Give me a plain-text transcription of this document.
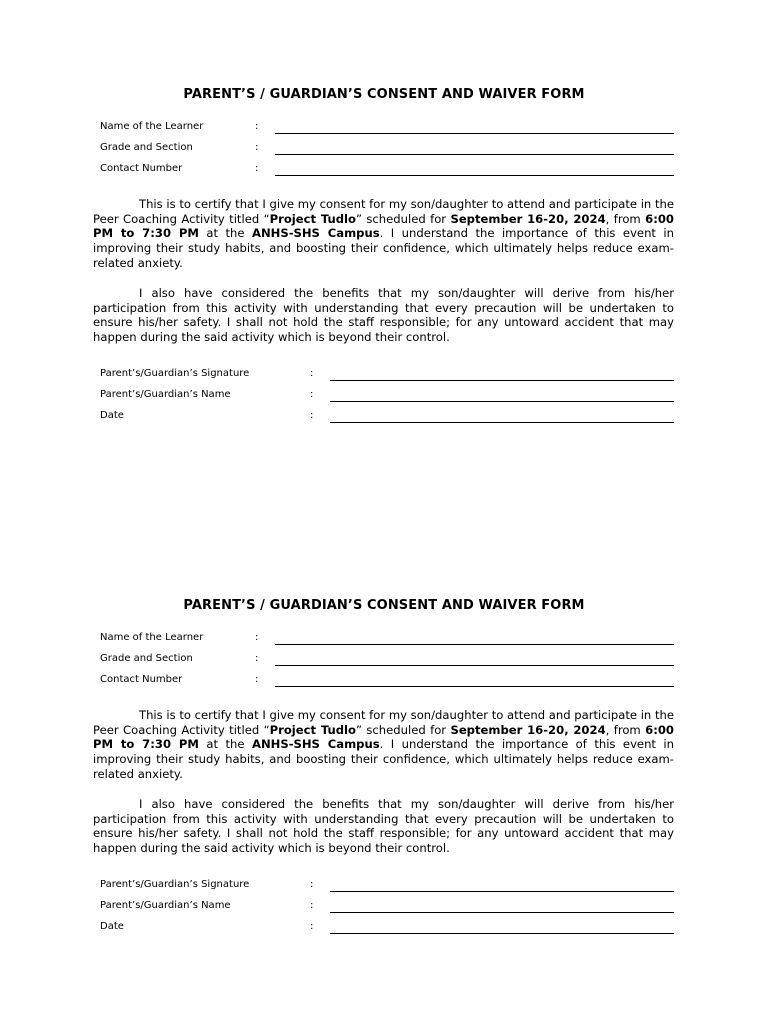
PARENT’S / GUARDIAN’S CONSENT AND WAIVER FORM
Name of the Learner	:
Grade and Section	:
Contact Number	:

This is to certify that I give my consent for my son/daughter to attend and participate in the Peer Coaching Activity titled “Project Tudlo” scheduled for September 16-20, 2024, from 6:00 PM to 7:30 PM at the ANHS-SHS Campus. I understand the importance of this event in improving their study habits, and boosting their confidence, which ultimately helps reduce exam-related anxiety.

I also have considered the benefits that my son/daughter will derive from his/her participation from this activity with understanding that every precaution will be undertaken to ensure his/her safety. I shall not hold the staff responsible; for any untoward accident that may happen during the said activity which is beyond their control.

Parent’s/Guardian’s Signature	:
Parent’s/Guardian’s Name	:
Date	:
PARENT’S / GUARDIAN’S CONSENT AND WAIVER FORM
Name of the Learner	:
Grade and Section	:
Contact Number	:

This is to certify that I give my consent for my son/daughter to attend and participate in the Peer Coaching Activity titled “Project Tudlo” scheduled for September 16-20, 2024, from 6:00 PM to 7:30 PM at the ANHS-SHS Campus. I understand the importance of this event in improving their study habits, and boosting their confidence, which ultimately helps reduce exam-related anxiety.

I also have considered the benefits that my son/daughter will derive from his/her participation from this activity with understanding that every precaution will be undertaken to ensure his/her safety. I shall not hold the staff responsible; for any untoward accident that may happen during the said activity which is beyond their control.

Parent’s/Guardian’s Signature	:
Parent’s/Guardian’s Name	:
Date	:
